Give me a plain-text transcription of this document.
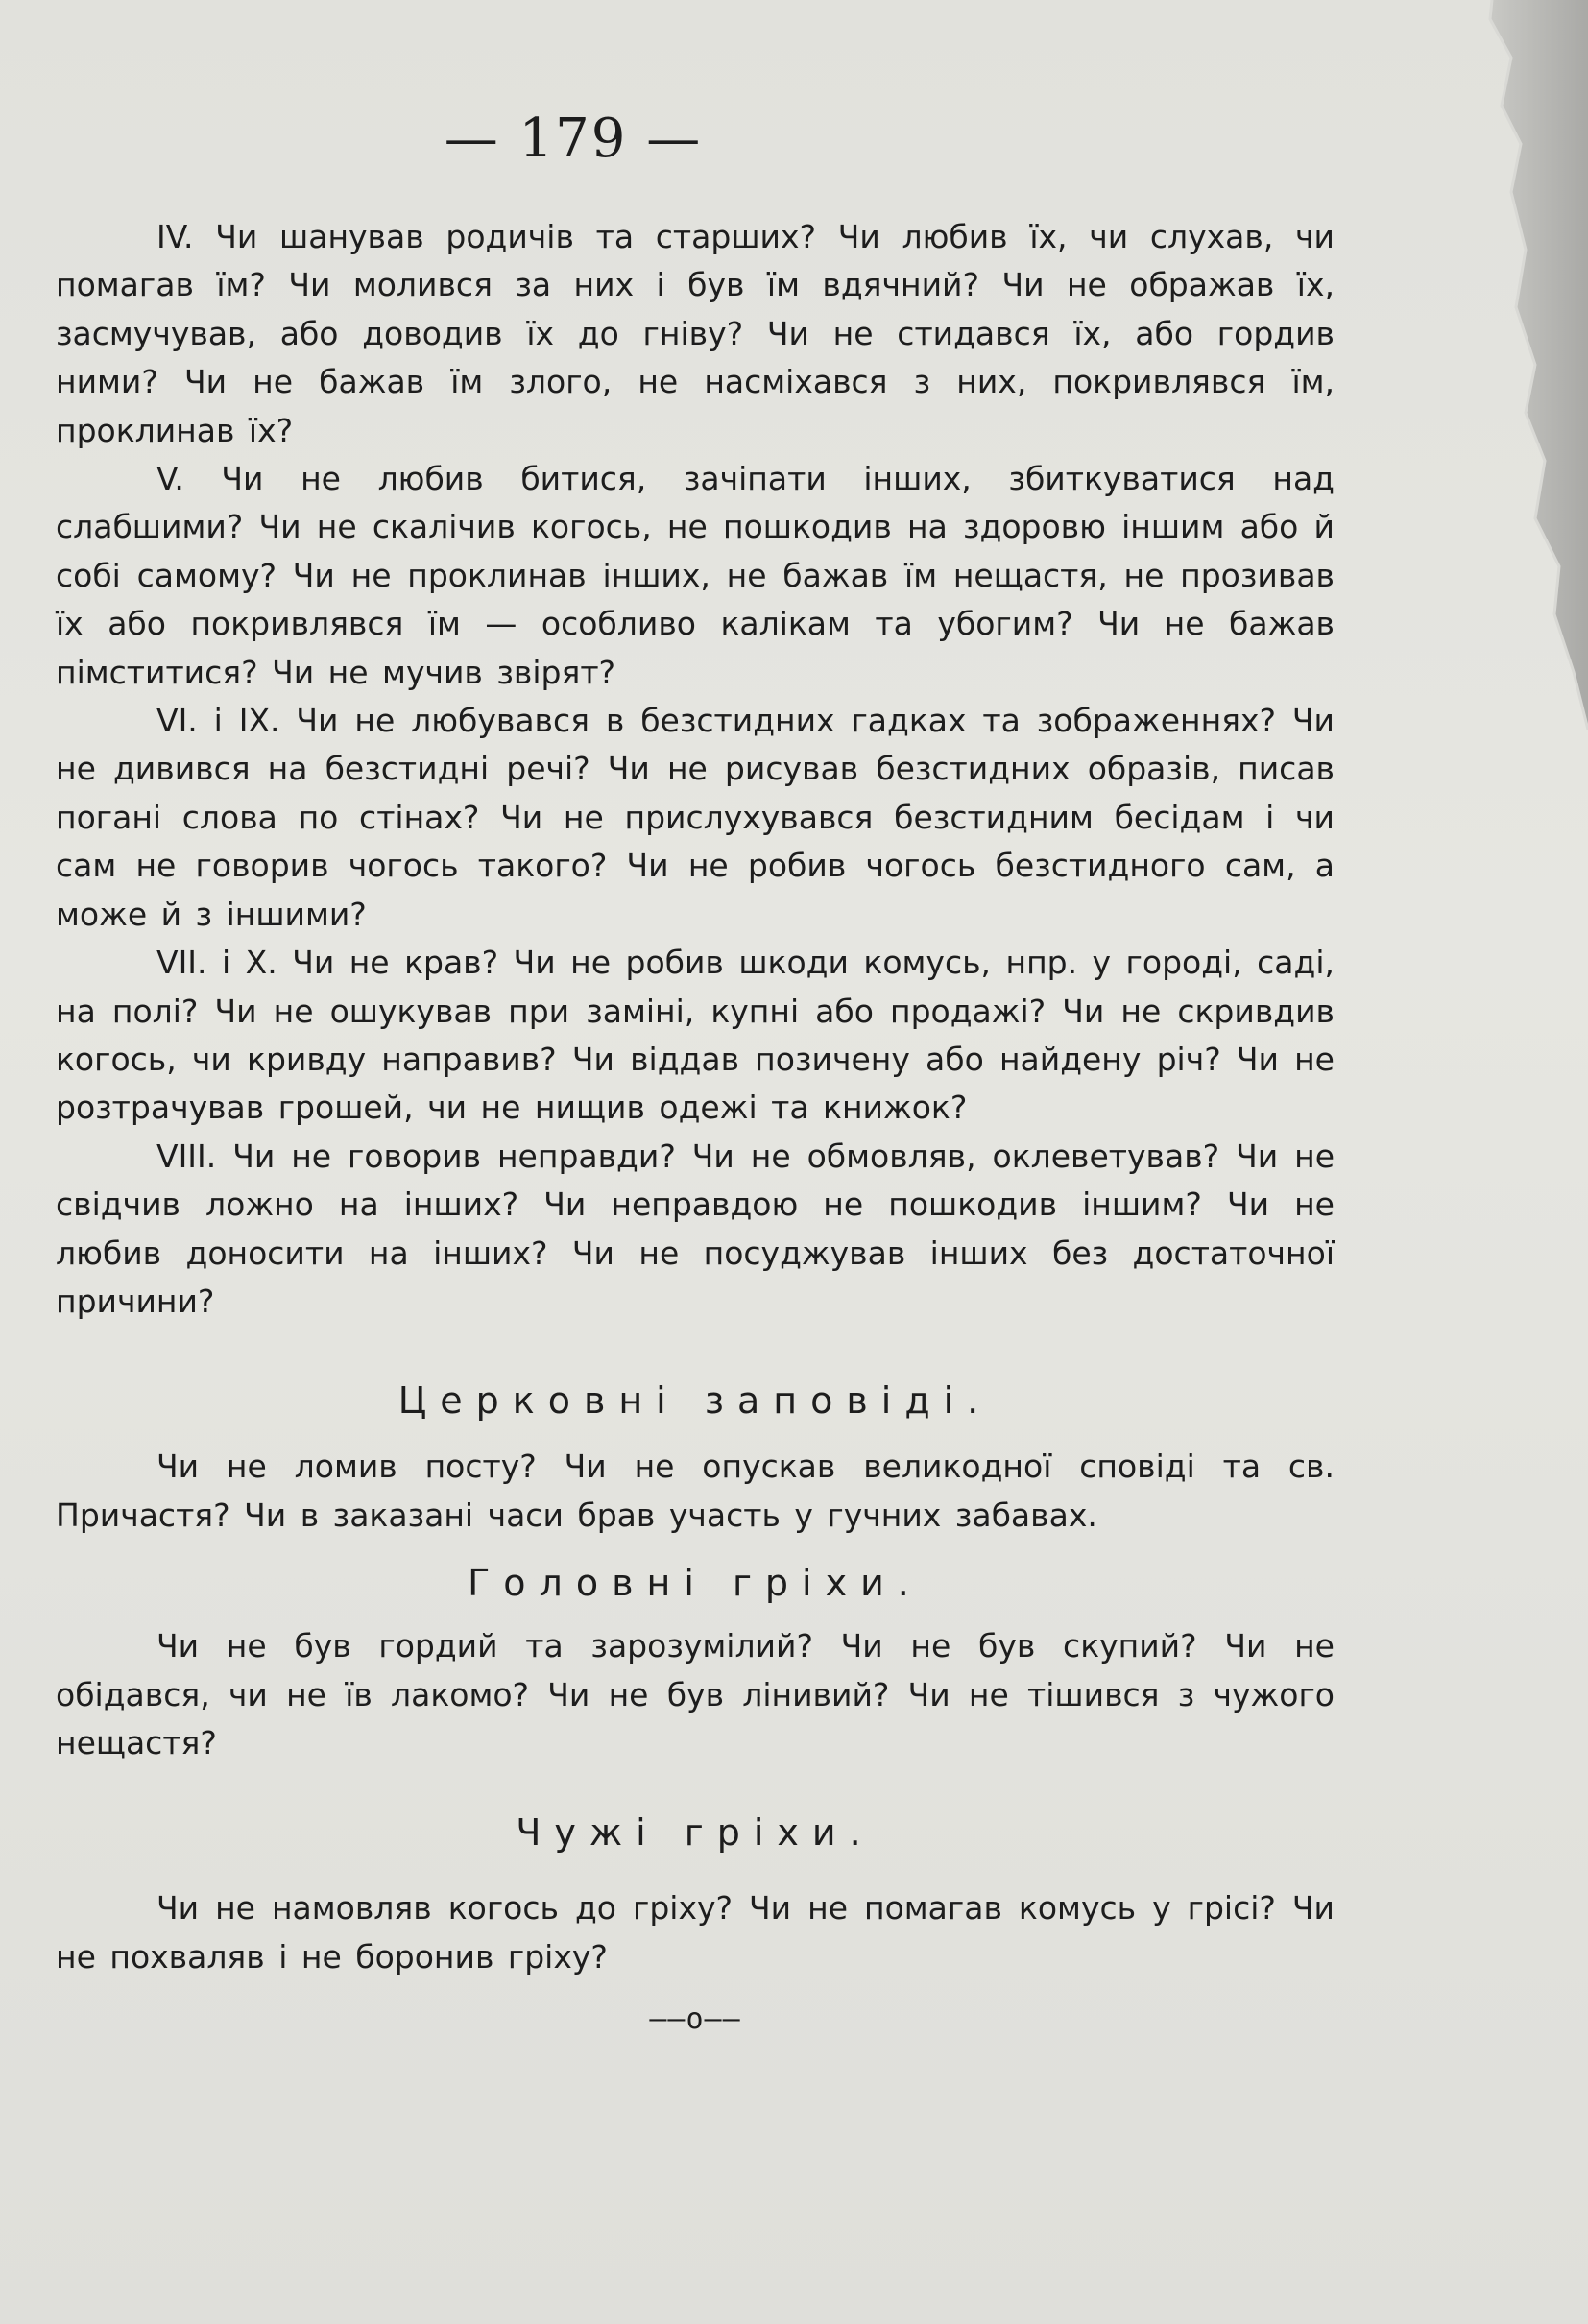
— 179 —

IV. Чи шанував родичів та старших? Чи любив їх, чи слухав, чи помагав їм? Чи молився за них і був їм вдячний? Чи не ображав їх, засмучував, або доводив їх до гніву? Чи не стидався їх, або гордив ними? Чи не бажав їм злого, не насміхався з них, покривлявся їм, проклинав їх?

V. Чи не любив битися, зачіпати інших, збиткуватися над слабшими? Чи не скалічив когось, не пошкодив на здоровю іншим або й собі самому? Чи не проклинав інших, не бажав їм нещастя, не прозивав їх або покривлявся їм — особливо калікам та убогим? Чи не бажав пімститися? Чи не мучив звірят?

VI. і IX. Чи не любувався в безстидних гадках та зображеннях? Чи не дивився на безстидні речі? Чи не рисував безстидних образів, писав погані слова по стінах? Чи не прислухувався безстидним бесідам і чи сам не говорив чогось такого? Чи не робив чогось безстидного сам, а може й з іншими?

VII. і X. Чи не крав? Чи не робив шкоди комусь, нпр. у городі, саді, на полі? Чи не ошукував при заміні, купні або продажі? Чи не скривдив когось, чи кривду направив? Чи віддав позичену або найдену річ? Чи не розтрачував грошей, чи не нищив одежі та книжок?

VIII. Чи не говорив неправди? Чи не обмовляв, оклеветував? Чи не свідчив ложно на інших? Чи неправдою не пошкодив іншим? Чи не любив доносити на інших? Чи не посуджував інших без достаточної причини?

Церковні заповіді.

Чи не ломив посту? Чи не опускав великодної сповіді та св. Причастя? Чи в заказані часи брав участь у гучних забавах.

Головні гріхи.

Чи не був гордий та зарозумілий? Чи не був скупий? Чи не обідався, чи не їв лакомо? Чи не був лінивий? Чи не тішився з чужого нещастя?

Чужі гріхи.

Чи не намовляв когось до гріху? Чи не помагав комусь у грісі? Чи не похваляв і не боронив гріху?

——o——
